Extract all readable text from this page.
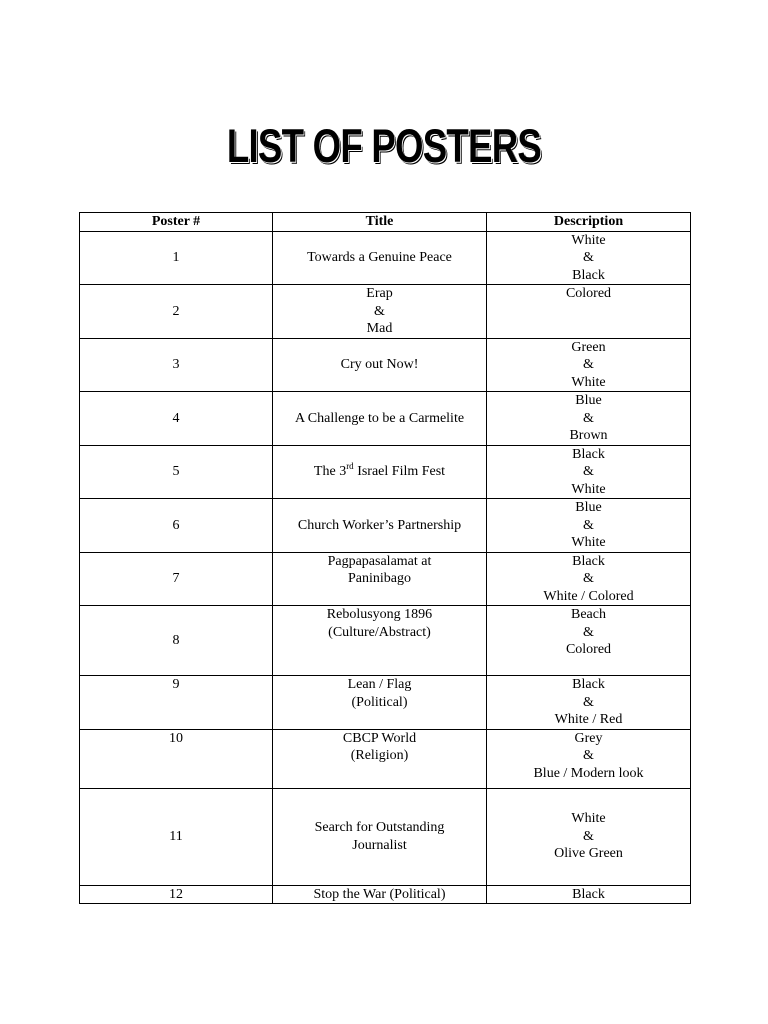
LIST OF POSTERS
Poster #	Title	Description
1	Towards a Genuine Peace	White
&
Black

2	Erap
&
Mad	Colored

3	Cry out Now!	Green
&
White

4	A Challenge to be a Carmelite	Blue
&
Brown

5	The 3rd Israel Film Fest	Black
&
White

6	Church Worker’s Partnership	Blue
&
White

7	Pagpapasalamat at
Paninibago	Black
&
White / Colored

8	Rebolusyong 1896
(Culture/Abstract)	Beach
&
Colored

9	Lean / Flag
(Political)	Black
&
White / Red

10	CBCP World
(Religion)	Grey
&
Blue / Modern look

11	Search for Outstanding
Journalist	White
&
Olive Green

12	Stop the War (Political)	Black
